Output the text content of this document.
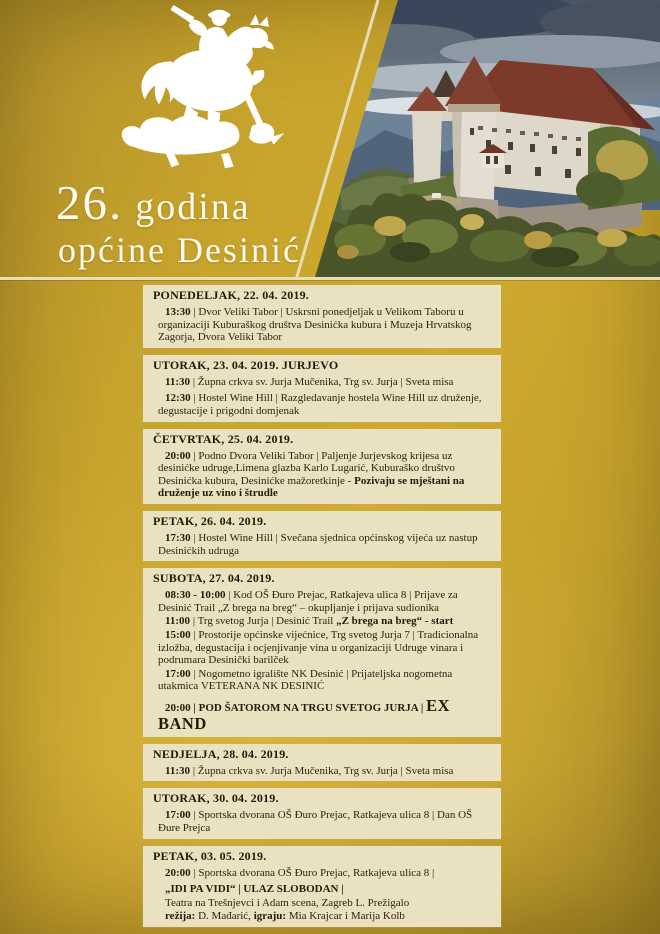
26. godina
općine Desinić
PONEDELJAK, 22. 04. 2019.

13:30 | Dvor Veliki Tabor | Uskrsni ponedjeljak u Velikom Taboru u organizaciji Kuburaškog društva Desinićka kubura i Muzeja Hrvatskog Zagorja, Dvora Veliki Tabor

UTORAK, 23. 04. 2019. JURJEVO

11:30 | Župna crkva sv. Jurja Mučenika, Trg sv. Jurja | Sveta misa

12:30 | Hostel Wine Hill | Razgledavanje hostela Wine Hill uz druženje, degustacije i prigodni domjenak

ČETVRTAK, 25. 04. 2019.

20:00 | Podno Dvora Veliki Tabor | Paljenje Jurjevskog krijesa uz desinićke udruge,Limena glazba Karlo Lugarić, Kuburaško društvo Desinićka kubura, Desinićke mažoretkinje - Pozivaju se mještani na druženje uz vino i štrudle

PETAK, 26. 04. 2019.

17:30 | Hostel Wine Hill | Svečana sjednica općinskog vijeća uz nastup Desinićkih udruga

SUBOTA, 27. 04. 2019.

08:30 - 10:00 | Kod OŠ Đuro Prejac, Ratkajeva ulica 8 | Prijave za Desinić Trail „Z brega na breg“ – okupljanje i prijava sudionika

11:00 | Trg svetog Jurja | Desinić Trail „Z brega na breg“ - start

15:00 | Prostorije općinske vijećnice, Trg svetog Jurja 7 | Tradicionalna izložba, degustacija i ocjenjivanje vina u organizaciji Udruge vinara i podrumara Desinički barilček

17:00 | Nogometno igralište NK Desinić | Prijateljska nogometna utakmica VETERANA NK DESINIĆ

20:00 | POD ŠATOROM NA TRGU SVETOG JURJA | EX BAND

NEDJELJA, 28. 04. 2019.

11:30 | Župna crkva sv. Jurja Mučenika, Trg sv. Jurja | Sveta misa

UTORAK, 30. 04. 2019.

17:00 | Sportska dvorana OŠ Đuro Prejac, Ratkajeva ulica 8 | Dan OŠ Đure Prejca

PETAK, 03. 05. 2019.

20:00 | Sportska dvorana OŠ Đuro Prejac, Ratkajeva ulica 8 |

„IDI PA VIDI“ | ULAZ SLOBODAN |

Teatra na Trešnjevci i Adam scena, Zagreb L. Prežigalo

režija: D. Mađarić, igraju: Mia Krajcar i Marija Kolb
